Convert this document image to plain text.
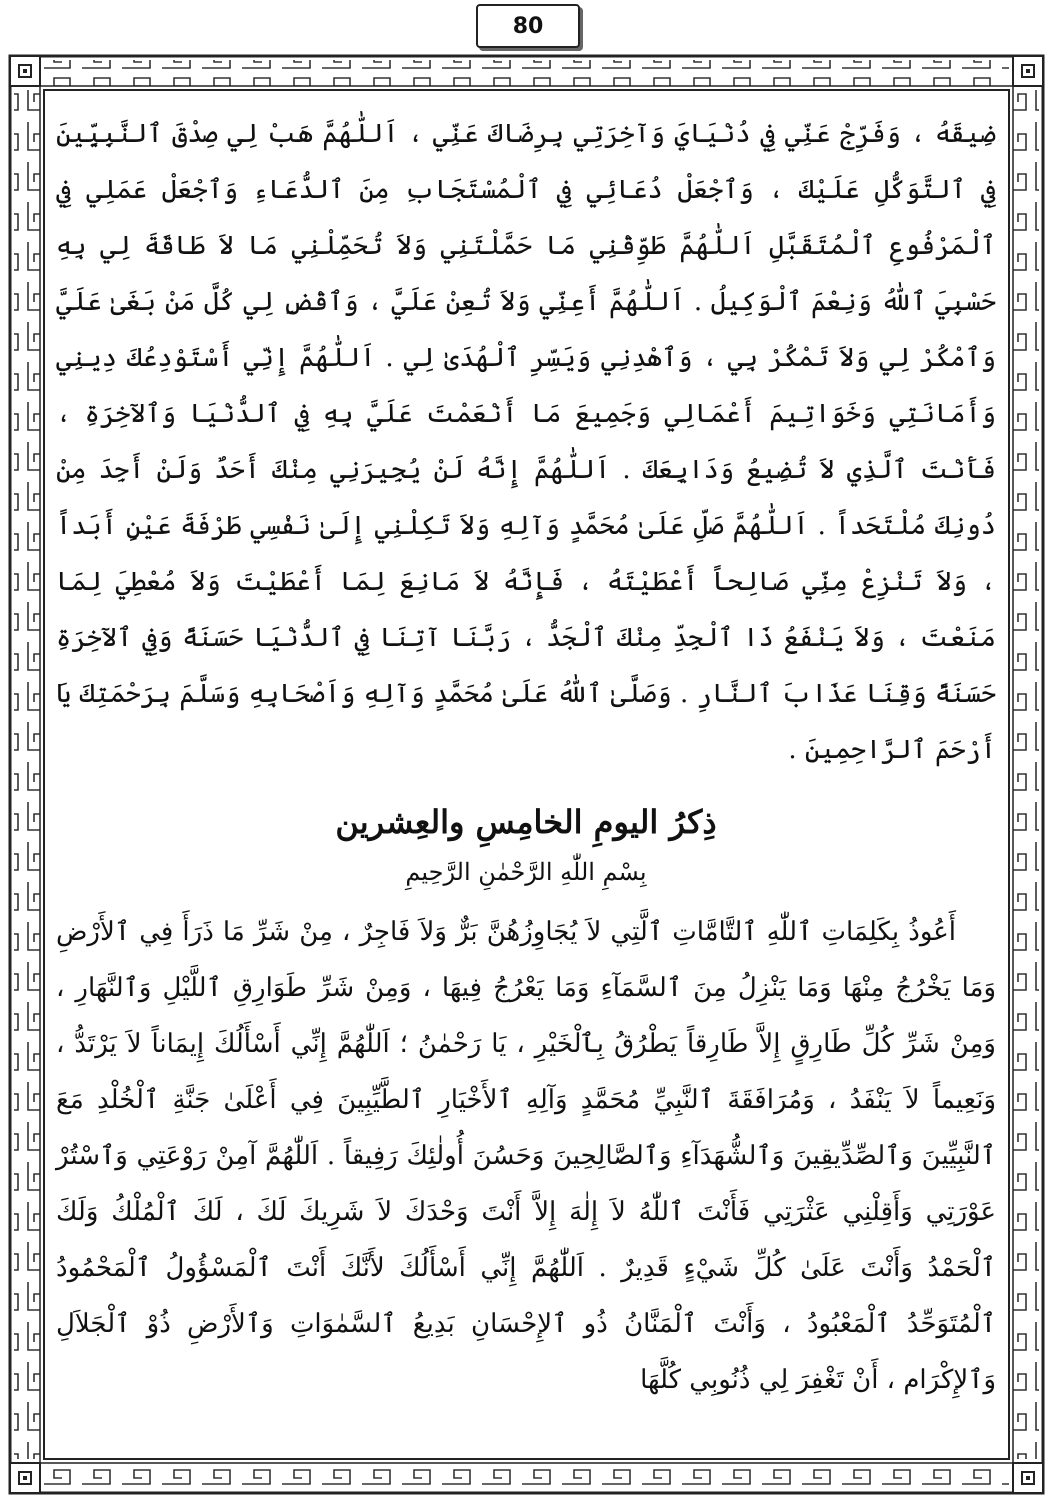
80

ضِيقَهُ ، وَفَرِّجْ عَنِّي فِي دُنْيَايَ وَآخِرَتِي بِرِضَاكَ عَنِّي ، اَللّٰهُمَّ هَبْ لِي صِدْقَ ٱلنَّبِيِّينَ فِي ٱلتَّوَكُّلِ عَلَيْكَ ، وَٱجْعَلْ دُعَائِي فِي ٱلْمُسْتَجَابِ مِنَ ٱلدُّعَاءِ وَٱجْعَلْ عَمَلِي فِي ٱلْمَرْفُوعِ ٱلْمُتَقَبَّلِ اَللّٰهُمَّ طَوِّقْنِي مَا حَمَّلْتَنِي وَلاَ تُحَمِّلْنِي مَا لاَ طَاقَةَ لِي بِهِ حَسْبِيَ ٱللّٰهُ وَنِعْمَ ٱلْوَكِيلُ . اَللّٰهُمَّ أَعِنِّي وَلاَ تُعِنْ عَلَيَّ ، وَٱقْضِ لِي كُلَّ مَنْ بَغَىٰ عَلَيَّ وَٱمْكُرْ لِي وَلاَ تَمْكُرْ بِي ، وَٱهْدِنِي وَيَسِّرِ ٱلْهُدَىٰ لِي . اَللّٰهُمَّ إِنِّي أَسْتَوْدِعُكَ دِينِي وَأَمَانَتِي وَخَوَاتِيمَ أَعْمَالِي وَجَمِيعَ مَا أَنْعَمْتَ عَلَيَّ بِهِ فِي ٱلدُّنْيَا وَٱلآخِرَةِ ، فَأَنْتَ ٱلَّذِي لاَ تُضِيعُ وَدَايِعَكَ . اَللّٰهُمَّ إِنَّهُ لَنْ يُجِيرَنِي مِنْكَ أَحَدٌ وَلَنْ أَجِدَ مِنْ دُونِكَ مُلْتَحَداً . اَللّٰهُمَّ صَلِّ عَلَىٰ مُحَمَّدٍ وَآلِهِ وَلاَ تَكِلْنِي إِلَىٰ نَفْسِي طَرْفَةَ عَيْنٍ أَبَداً ، وَلاَ تَنْزِعْ مِنِّي صَالِحاً أَعْطَيْتَهُ ، فَإِنَّهُ لاَ مَانِعَ لِمَا أَعْطَيْتَ وَلاَ مُعْطِيَ لِمَا مَنَعْتَ ، وَلاَ يَنْفَعُ ذَا ٱلْجِدِّ مِنْكَ ٱلْجَدُّ ، رَبَّنَا آتِنَا فِي ٱلدُّنْيَا حَسَنَةً وَفِي ٱلآخِرَةِ حَسَنَةً وَقِنَا عَذَابَ ٱلنَّارِ . وَصَلَّىٰ ٱللّٰهُ عَلَىٰ مُحَمَّدٍ وَآلِهِ وَاَصْحَابِهِ وَسَلَّمَ بِرَحْمَتِكَ يَا أَرْحَمَ ٱلرَّاحِمِينَ .

ذِكرُ اليومِ الخامِسِ والعِشرين
بِسْمِ اللّٰهِ الرَّحْمٰنِ الرَّحِيمِ

أَعُوذُ بِكَلِمَاتِ ٱللّٰهِ ٱلتَّامَّاتِ ٱلَّتِي لاَ يُجَاوِزُهُنَّ بَرٌّ وَلاَ فَاجِرٌ ، مِنْ شَرِّ مَا ذَرَأَ فِي ٱلأَرْضِ وَمَا يَخْرُجُ مِنْهَا وَمَا يَنْزِلُ مِنَ ٱلسَّمَآءِ وَمَا يَعْرُجُ فِيهَا ، وَمِنْ شَرِّ طَوَارِقِ ٱللَّيْلِ وَٱلنَّهَارِ ، وَمِنْ شَرِّ كُلِّ طَارِقٍ إِلاَّ طَارِقاً يَطْرُقُ بِٱلْخَيْرِ ، يَا رَحْمٰنُ ؛ اَللّٰهُمَّ إِنِّي أَسْأَلُكَ إِيمَاناً لاَ يَرْتَدُّ ، وَنَعِيماً لاَ يَنْفَدُ ، وَمُرَافَقَةَ ٱلنَّبِيِّ مُحَمَّدٍ وَآلِهِ ٱلأَخْيَارِ ٱلطَّيِّبِينَ فِي أَعْلَىٰ جَنَّةِ ٱلْخُلْدِ مَعَ ٱلنَّبِيِّينَ وَٱلصِّدِّيقِينَ وَٱلشُّهَدَآءِ وَٱلصَّالِحِينَ وَحَسُنَ أُولٰئِكَ رَفِيقاً . اَللّٰهُمَّ آمِنْ رَوْعَتِي وَٱسْتُرْ عَوْرَتِي وَأَقِلْنِي عَثْرَتِي فَأَنْتَ ٱللّٰهُ لاَ إِلٰهَ إِلاَّ أَنْتَ وَحْدَكَ لاَ شَرِيكَ لَكَ ، لَكَ ٱلْمُلْكُ وَلَكَ ٱلْحَمْدُ وَأَنْتَ عَلَىٰ كُلِّ شَيْءٍ قَدِيرٌ . اَللّٰهُمَّ إِنِّي أَسْأَلُكَ لأَنَّكَ أَنْتَ ٱلْمَسْؤُولُ ٱلْمَحْمُودُ ٱلْمُتَوَحِّدُ ٱلْمَعْبُودُ ، وَأَنْتَ ٱلْمَنَّانُ ذُو ٱلإِحْسَانِ بَدِيعُ ٱلسَّمٰوَاتِ وَٱلأَرْضِ ذُوْ ٱلْجَلاَلِ وَٱلإِكْرَام ، أَنْ تَغْفِرَ لِي ذُنُوبِي كُلَّهَا
